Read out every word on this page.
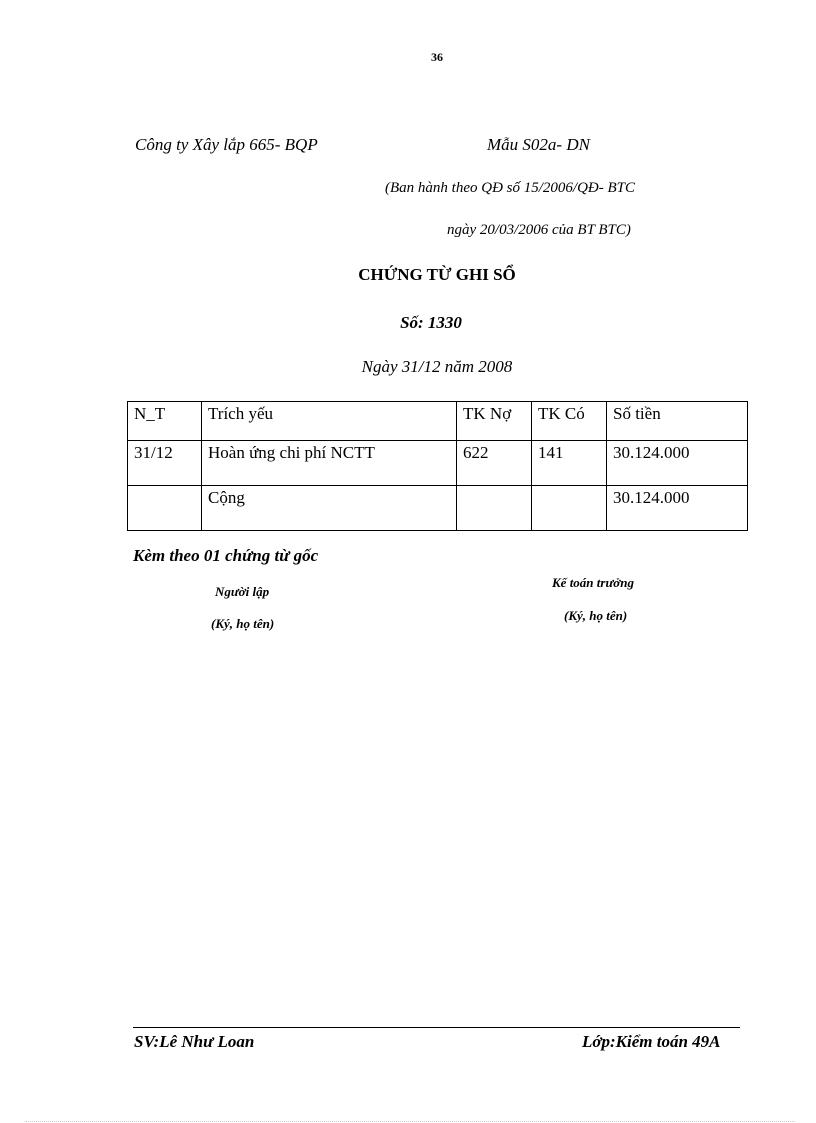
36
Công ty Xây lắp 665- BQP	Mẫu S02a- DN
(Ban hành theo QĐ số 15/2006/QĐ- BTC
ngày 20/03/2006 của BT BTC)
CHỨNG TỪ GHI SỔ
Số: 1330
Ngày 31/12 năm 2008
N_T	Trích yếu	TK Nợ	TK Có	Số tiền
31/12	Hoàn ứng chi phí NCTT	622	141	30.124.000
	Cộng			30.124.000
Kèm theo 01 chứng từ gốc
Người lập
(Ký, họ tên)
Kế toán trưởng
(Ký, họ tên)
SV:Lê Như Loan	Lớp:Kiểm toán 49A
